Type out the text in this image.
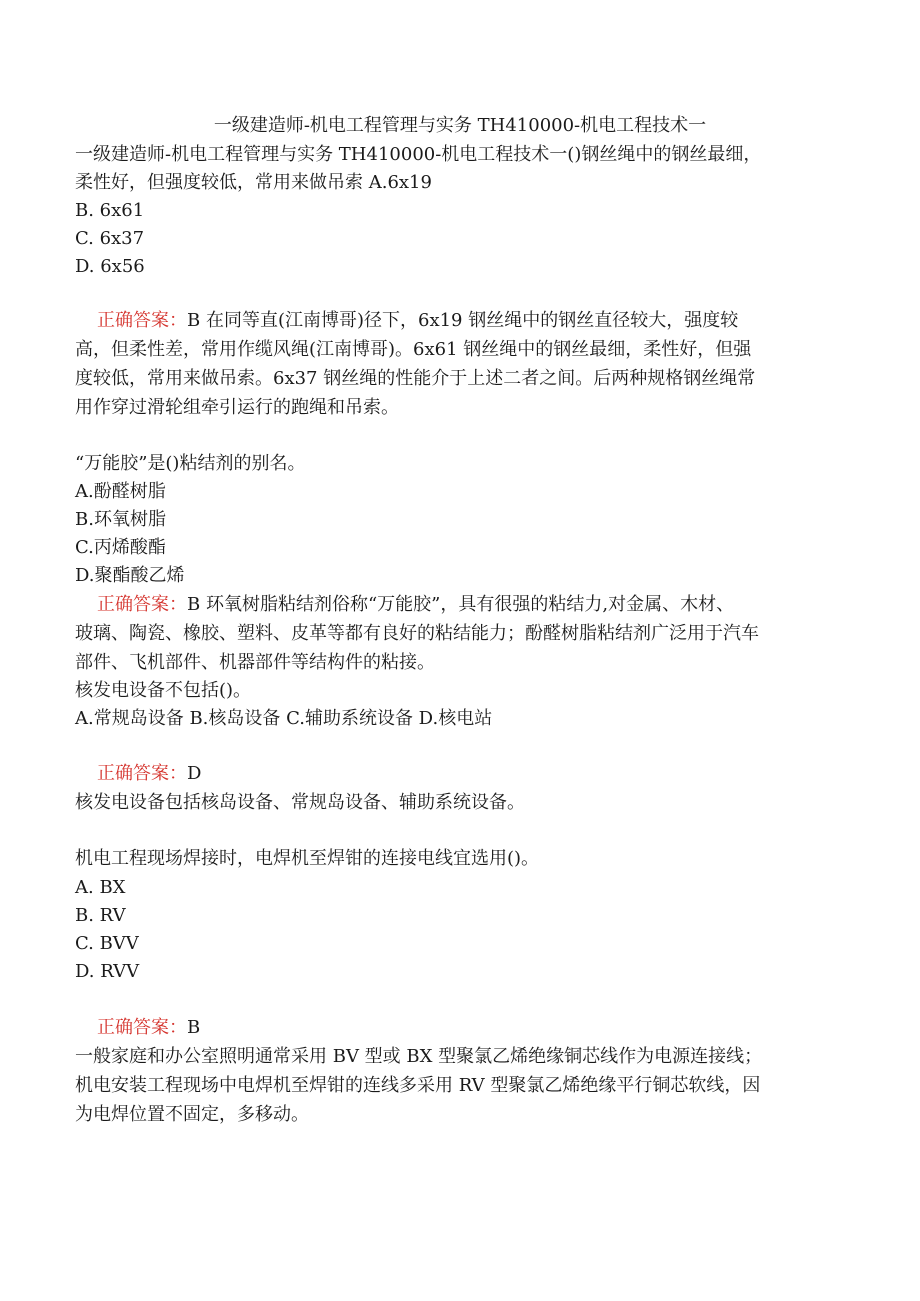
一级建造师-机电工程管理与实务 TH410000-机电工程技术一
一级建造师-机电工程管理与实务 TH410000-机电工程技术一()钢丝绳中的钢丝最细，
柔性好，但强度较低，常用来做吊索 A.6x19
B. 6x61
C. 6x37
D. 6x56
正确答案：B 在同等直(江南博哥)径下，6x19 钢丝绳中的钢丝直径较大，强度较
高，但柔性差，常用作缆风绳(江南博哥)。6x61 钢丝绳中的钢丝最细，柔性好，但强
度较低，常用来做吊索。6x37 钢丝绳的性能介于上述二者之间。后两种规格钢丝绳常
用作穿过滑轮组牵引运行的跑绳和吊索。
“万能胶”是()粘结剂的别名。
A.酚醛树脂
B.环氧树脂
C.丙烯酸酯
D.聚酯酸乙烯
正确答案：B 环氧树脂粘结剂俗称“万能胶”，具有很强的粘结力,对金属、木材、
玻璃、陶瓷、橡胶、塑料、皮革等都有良好的粘结能力；酚醛树脂粘结剂广泛用于汽车
部件、飞机部件、机器部件等结构件的粘接。
核发电设备不包括()。
A.常规岛设备 B.核岛设备 C.辅助系统设备 D.核电站
正确答案：D
核发电设备包括核岛设备、常规岛设备、辅助系统设备。
机电工程现场焊接时，电焊机至焊钳的连接电线宜选用()。
A. BX
B. RV
C. BVV
D. RVV
正确答案：B
一般家庭和办公室照明通常采用 BV 型或 BX 型聚氯乙烯绝缘铜芯线作为电源连接线；
机电安装工程现场中电焊机至焊钳的连线多采用 RV 型聚氯乙烯绝缘平行铜芯软线，因
为电焊位置不固定，多移动。
